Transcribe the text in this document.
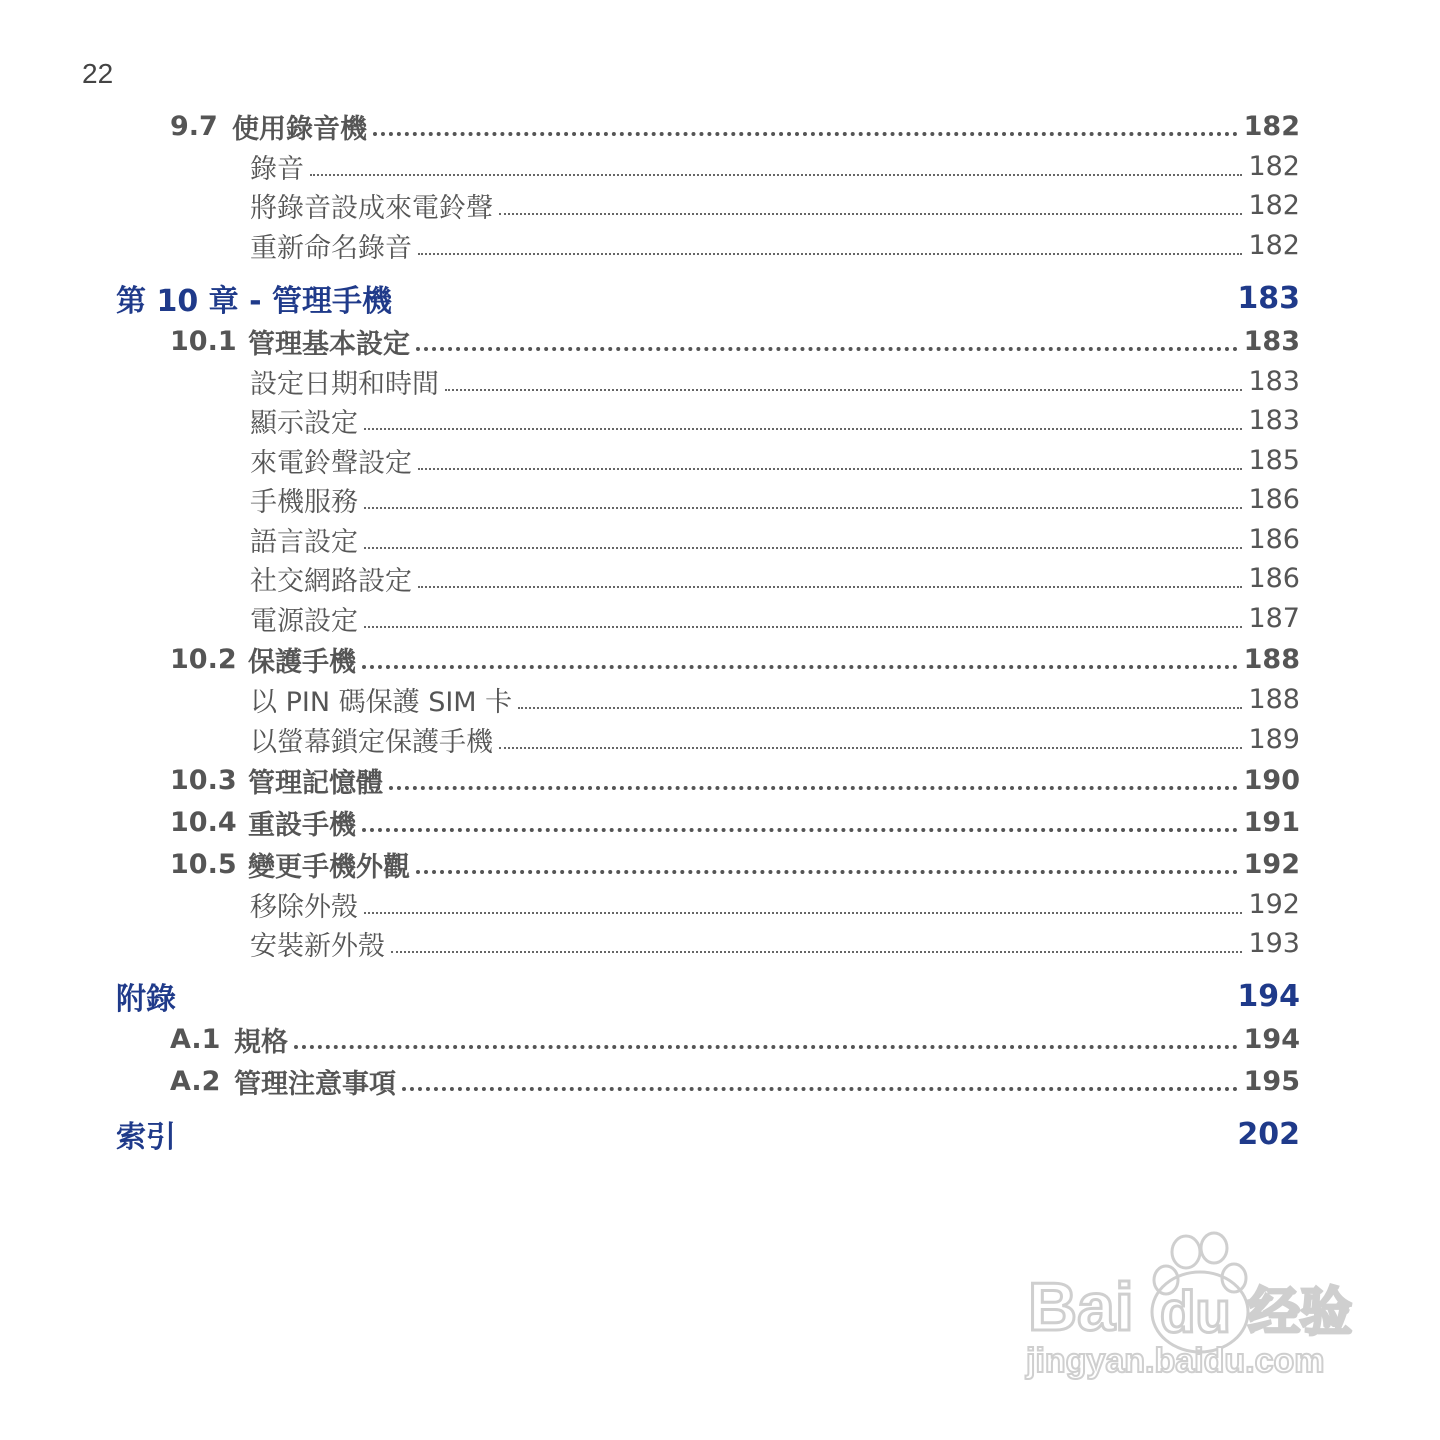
22
9.7 使用錄音機	182
錄音	182
將錄音設成來電鈴聲	182
重新命名錄音	182
第 10 章 - 管理手機	183
10.1 管理基本設定	183
設定日期和時間	183
顯示設定	183
來電鈴聲設定	185
手機服務	186
語言設定	186
社交網路設定	186
電源設定	187
10.2 保護手機	188
以 PIN 碼保護 SIM 卡	188
以螢幕鎖定保護手機	189
10.3 管理記憶體	190
10.4 重設手機	191
10.5 變更手機外觀	192
移除外殼	192
安裝新外殼	193
附錄	194
A.1 規格	194
A.2 管理注意事項	195
索引	202
Bai du 经验
jingyan.baidu.com
